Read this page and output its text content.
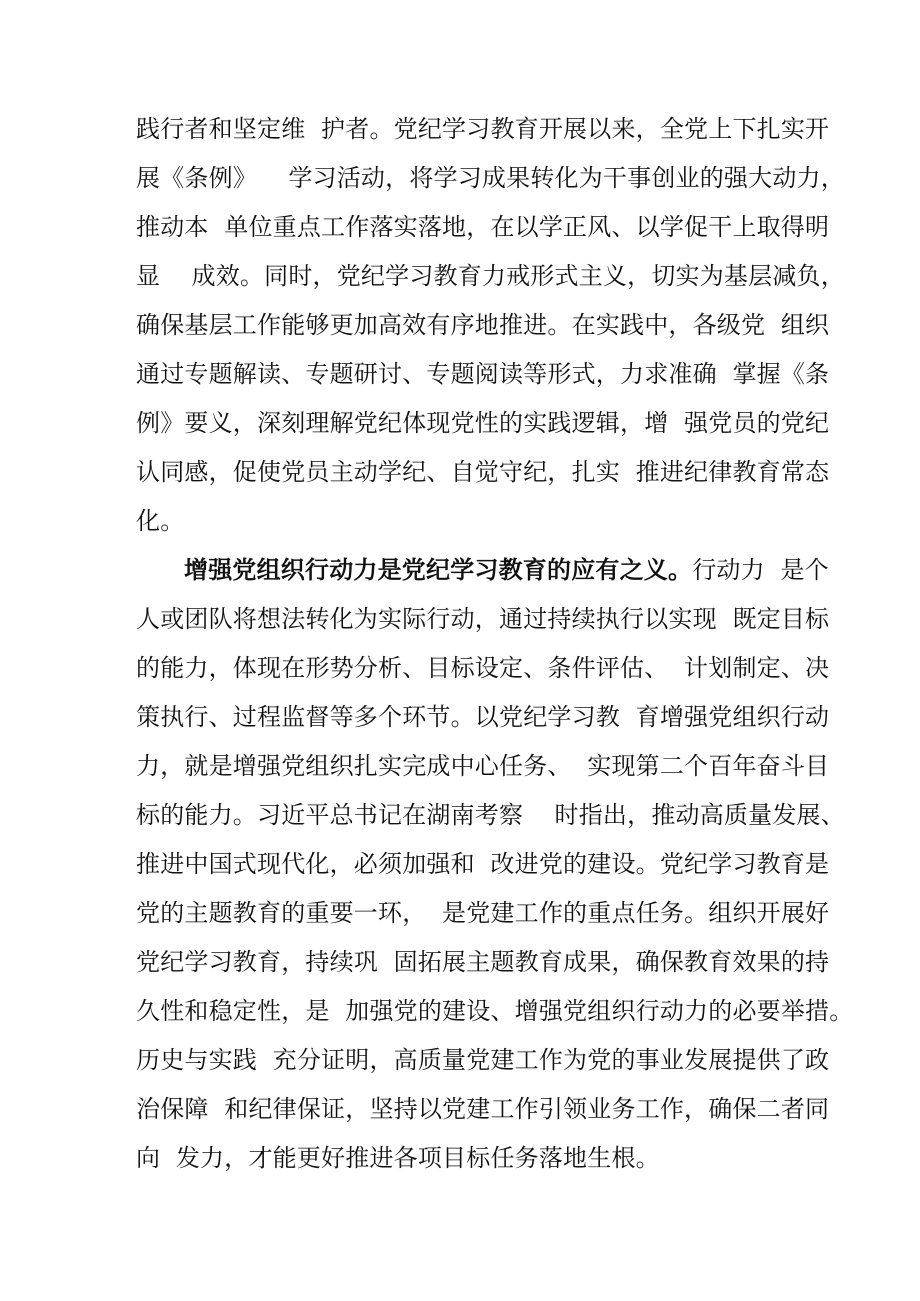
践行者和坚定维  护者。党纪学习教育开展以来，全党上下扎实开
展《条例》    学习活动，将学习成果转化为干事创业的强大动力，
推动本  单位重点工作落实落地，在以学正风、以学促干上取得明
显    成效。同时，党纪学习教育力戒形式主义，切实为基层减负，
确保基层工作能够更加高效有序地推进。在实践中，各级党  组织
通过专题解读、专题研讨、专题阅读等形式，力求准确  掌握《条
例》要义，深刻理解党纪体现党性的实践逻辑，增  强党员的党纪
认同感，促使党员主动学纪、自觉守纪，扎实  推进纪律教育常态
化。
增强党组织行动力是党纪学习教育的应有之义。行动力  是个
人或团队将想法转化为实际行动，通过持续执行以实现  既定目标
的能力，体现在形势分析、目标设定、条件评估、  计划制定、决
策执行、过程监督等多个环节。以党纪学习教  育增强党组织行动
力，就是增强党组织扎实完成中心任务、  实现第二个百年奋斗目
标的能力。习近平总书记在湖南考察    时指出，推动高质量发展、
推进中国式现代化，必须加强和  改进党的建设。党纪学习教育是
党的主题教育的重要一环，  是党建工作的重点任务。组织开展好
党纪学习教育，持续巩  固拓展主题教育成果，确保教育效果的持
久性和稳定性，是  加强党的建设、增强党组织行动力的必要举措。
历史与实践  充分证明，高质量党建工作为党的事业发展提供了政
治保障  和纪律保证，坚持以党建工作引领业务工作，确保二者同
向  发力，才能更好推进各项目标任务落地生根。
